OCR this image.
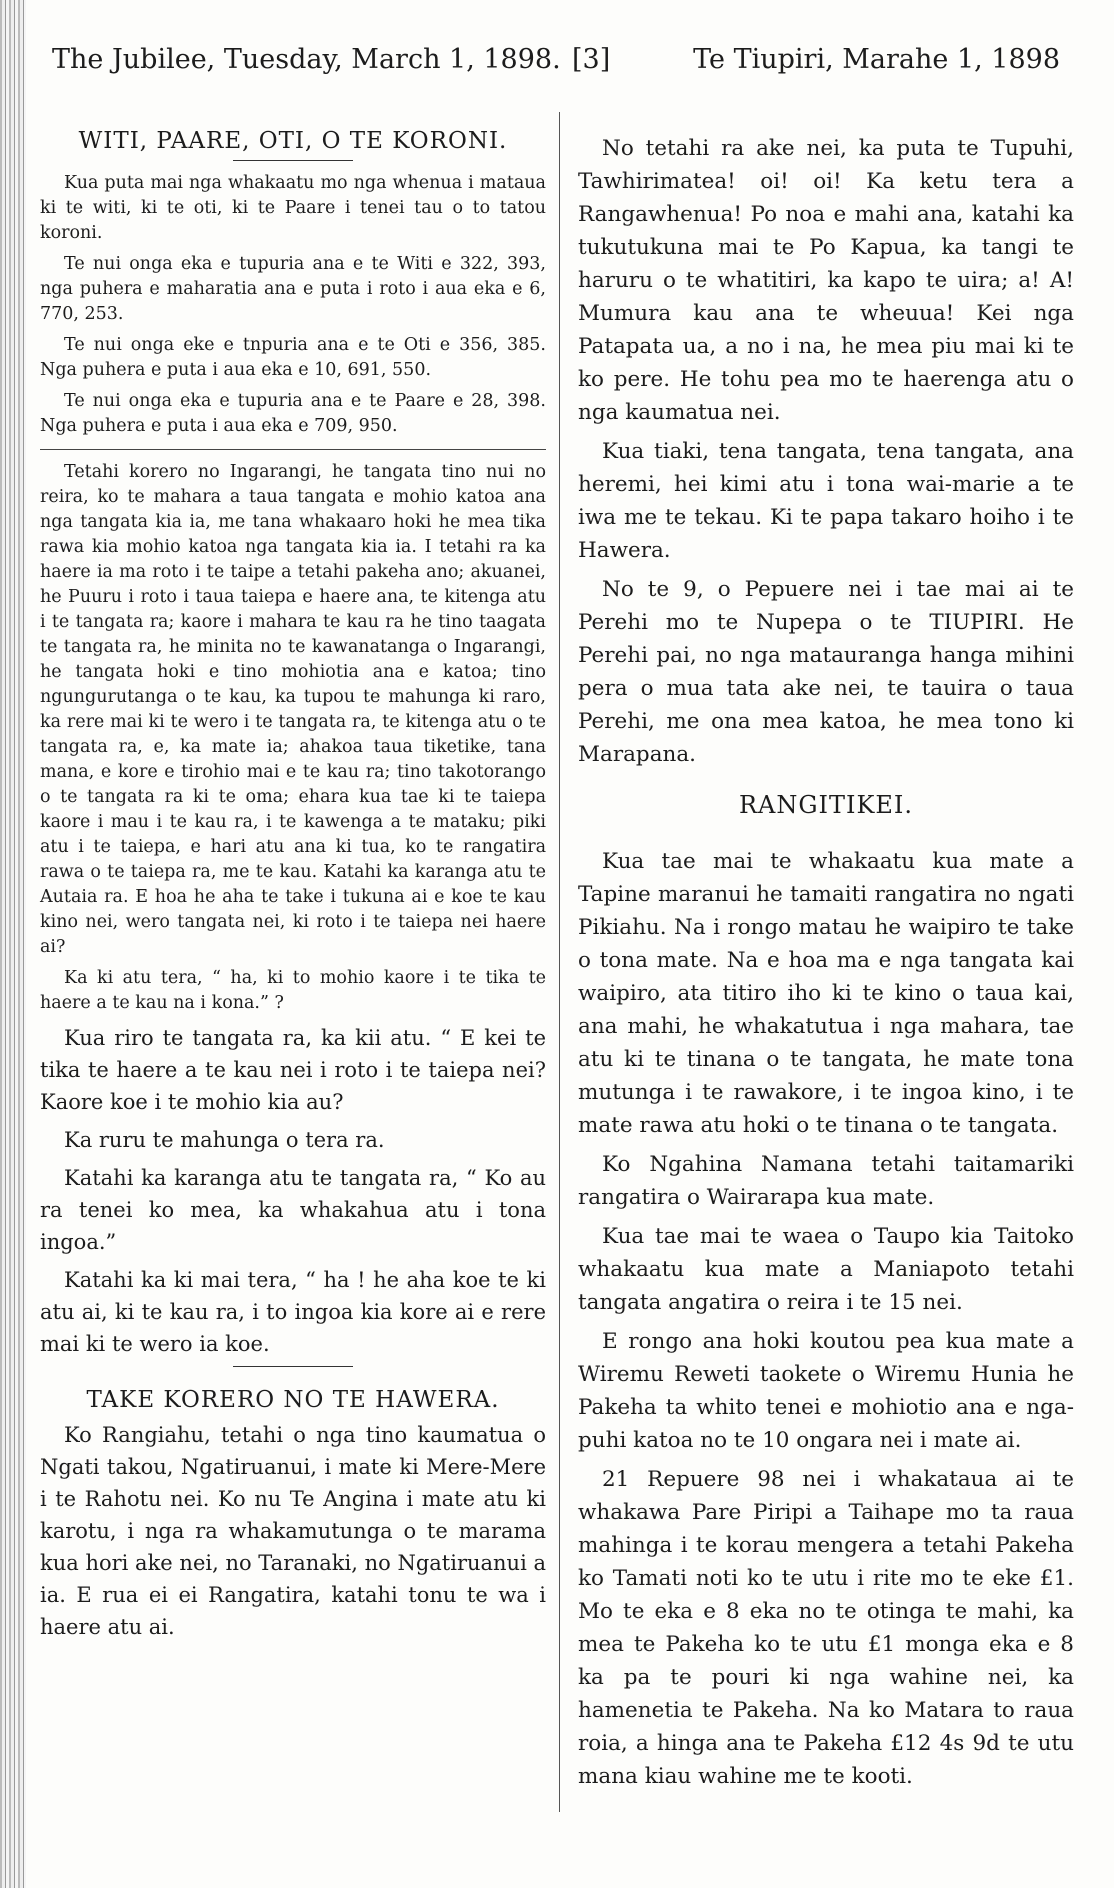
The Jubilee, Tuesday, March 1, 1898. [3]	Te Tiupiri, Marahe 1, 1898
WITI, PAARE, OTI, O TE KORONI.

Kua puta mai nga whakaatu mo nga whenua i mataua ki te witi, ki te oti, ki te Paare i tenei tau o to tatou koroni.

Te nui onga eka e tupuria ana e te Witi e 322, 393, nga puhera e maharatia ana e puta i roto i aua eka e 6, 770, 253.

Te nui onga eke e tnpuria ana e te Oti e 356, 385. Nga puhera e puta i aua eka e 10, 691, 550.

Te nui onga eka e tupuria ana e te Paare e 28, 398. Nga puhera e puta i aua eka e 709, 950.

Tetahi korero no Ingarangi, he tangata tino nui no reira, ko te mahara a taua tangata e mohio katoa ana nga tangata kia ia, me tana whakaaro hoki he mea tika rawa kia mohio katoa nga tangata kia ia. I tetahi ra ka haere ia ma roto i te taipe a tetahi pakeha ano; akuanei, he Puuru i roto i taua taiepa e haere ana, te kitenga atu i te tangata ra; kaore i mahara te kau ra he tino taagata te tangata ra, he minita no te kawanatanga o Ingarangi, he tangata hoki e tino mohiotia ana e katoa; tino ngungurutanga o te kau, ka tupou te mahunga ki raro, ka rere mai ki te wero i te tangata ra, te kitenga atu o te tangata ra, e, ka mate ia; ahakoa taua tiketike, tana mana, e kore e tirohio mai e te kau ra; tino takotorango o te tangata ra ki te oma; ehara kua tae ki te taiepa kaore i mau i te kau ra, i te kawenga a te mataku; piki atu i te taiepa, e hari atu ana ki tua, ko te rangatira rawa o te taiepa ra, me te kau. Katahi ka karanga atu te Autaia ra. E hoa he aha te take i tukuna ai e koe te kau kino nei, wero tangata nei, ki roto i te taiepa nei haere ai?

Ka ki atu tera, “ ha, ki to mohio kaore i te tika te haere a te kau na i kona.” ?

Kua riro te tangata ra, ka kii atu. “ E kei te tika te haere a te kau nei i roto i te taiepa nei? Kaore koe i te mohio kia au?

Ka ruru te mahunga o tera ra.

Katahi ka karanga atu te tangata ra, “ Ko au ra tenei ko mea, ka whakahua atu i tona ingoa.”

Katahi ka ki mai tera, “ ha ! he aha koe te ki atu ai, ki te kau ra, i to ingoa kia kore ai e rere mai ki te wero ia koe.

TAKE KORERO NO TE HAWERA.

Ko Rangiahu, tetahi o nga tino kaumatua o Ngati takou, Ngatiruanui, i mate ki Mere-Mere i te Rahotu nei. Ko nu Te Angina i mate atu ki karotu, i nga ra whakamutunga o te marama kua hori ake nei, no Taranaki, no Ngatiruanui a ia. E rua ei ei Rangatira, katahi tonu te wa i haere atu ai.

No tetahi ra ake nei, ka puta te Tupuhi, Tawhirimatea! oi! oi! Ka ketu tera a Rangawhenua! Po noa e mahi ana, katahi ka tukutukuna mai te Po Kapua, ka tangi te haruru o te whatitiri, ka kapo te uira; a! A! Mumura kau ana te wheuua! Kei nga Patapata ua, a no i na, he mea piu mai ki te ko pere. He tohu pea mo te haerenga atu o nga kaumatua nei.

Kua tiaki, tena tangata, tena tangata, ana heremi, hei kimi atu i tona wai-marie a te iwa me te tekau. Ki te papa takaro hoiho i te Hawera.

No te 9, o Pepuere nei i tae mai ai te Perehi mo te Nupepa o te TIUPIRI. He Perehi pai, no nga matauranga hanga mihini pera o mua tata ake nei, te tauira o taua Perehi, me ona mea katoa, he mea tono ki Marapana.

RANGITIKEI.

Kua tae mai te whakaatu kua mate a Tapine maranui he tamaiti rangatira no ngati Pikiahu. Na i rongo matau he waipiro te take o tona mate. Na e hoa ma e nga tangata kai waipiro, ata titiro iho ki te kino o taua kai, ana mahi, he whakatutua i nga mahara, tae atu ki te tinana o te tangata, he mate tona mutunga i te rawakore, i te ingoa kino, i te mate rawa atu hoki o te tinana o te tangata.

Ko Ngahina Namana tetahi taitamariki rangatira o Wairarapa kua mate.

Kua tae mai te waea o Taupo kia Taitoko whakaatu kua mate a Maniapoto tetahi tangata angatira o reira i te 15 nei.

E rongo ana hoki koutou pea kua mate a Wiremu Reweti taokete o Wiremu Hunia he Pakeha ta whito tenei e mohiotio ana e nga-puhi katoa no te 10 ongara nei i mate ai.

21 Repuere 98 nei i whakataua ai te whakawa Pare Piripi a Taihape mo ta raua mahinga i te korau mengera a tetahi Pakeha ko Tamati noti ko te utu i rite mo te eke £1. Mo te eka e 8 eka no te otinga te mahi, ka mea te Pakeha ko te utu £1 monga eka e 8 ka pa te pouri ki nga wahine nei, ka hamenetia te Pakeha. Na ko Matara to raua roia, a hinga ana te Pakeha £12 4s 9d te utu mana kiau wahine me te kooti.
